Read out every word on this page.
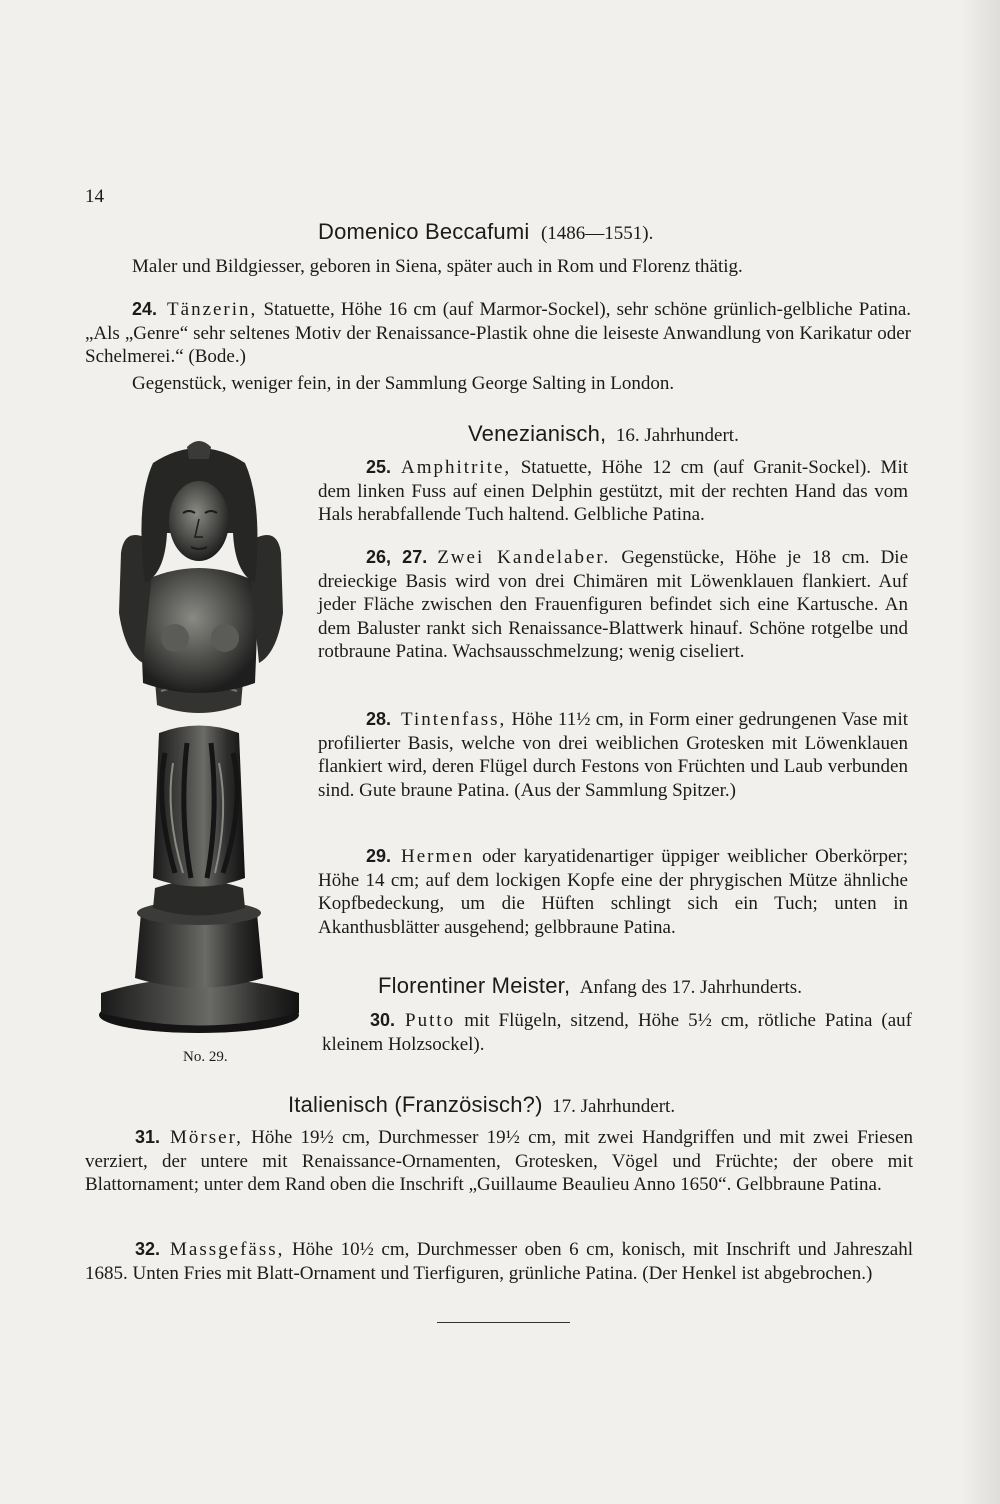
14
Domenico Beccafumi (1486—1551).

Maler und Bildgiesser, geboren in Siena, später auch in Rom und Florenz thätig.

24. Tänzerin, Statuette, Höhe 16 cm (auf Marmor-Sockel), sehr schöne grünlich-gelbliche Patina. „Als „Genre“ sehr seltenes Motiv der Renaissance-Plastik ohne die leiseste Anwandlung von Karikatur oder Schelmerei.“ (Bode.)

Gegenstück, weniger fein, in der Sammlung George Salting in London.

No. 29.
Venezianisch, 16. Jahrhundert.

25. Amphitrite, Statuette, Höhe 12 cm (auf Granit-Sockel). Mit dem linken Fuss auf einen Delphin gestützt, mit der rechten Hand das vom Hals herabfallende Tuch haltend. Gelbliche Patina.

26, 27. Zwei Kandelaber. Gegenstücke, Höhe je 18 cm. Die dreieckige Basis wird von drei Chimären mit Löwenklauen flankiert. Auf jeder Fläche zwischen den Frauenfiguren befindet sich eine Kartusche. An dem Baluster rankt sich Renaissance-Blattwerk hinauf. Schöne rotgelbe und rotbraune Patina. Wachsausschmelzung; wenig ciseliert.

28. Tintenfass, Höhe 11½ cm, in Form einer gedrungenen Vase mit profilierter Basis, welche von drei weiblichen Grotesken mit Löwenklauen flankiert wird, deren Flügel durch Festons von Früchten und Laub verbunden sind. Gute braune Patina. (Aus der Sammlung Spitzer.)

29. Hermen oder karyatidenartiger üppiger weiblicher Oberkörper; Höhe 14 cm; auf dem lockigen Kopfe eine der phrygischen Mütze ähnliche Kopfbedeckung, um die Hüften schlingt sich ein Tuch; unten in Akanthusblätter ausgehend; gelbbraune Patina.

Florentiner Meister, Anfang des 17. Jahrhunderts.

30. Putto mit Flügeln, sitzend, Höhe 5½ cm, rötliche Patina (auf kleinem Holzsockel).

Italienisch (Französisch?) 17. Jahrhundert.

31. Mörser, Höhe 19½ cm, Durchmesser 19½ cm, mit zwei Handgriffen und mit zwei Friesen verziert, der untere mit Renaissance-Ornamenten, Grotesken, Vögel und Früchte; der obere mit Blattornament; unter dem Rand oben die Inschrift „Guillaume Beaulieu Anno 1650“. Gelbbraune Patina.

32. Massgefäss, Höhe 10½ cm, Durchmesser oben 6 cm, konisch, mit Inschrift und Jahreszahl 1685. Unten Fries mit Blatt-Ornament und Tierfiguren, grünliche Patina. (Der Henkel ist abgebrochen.)
